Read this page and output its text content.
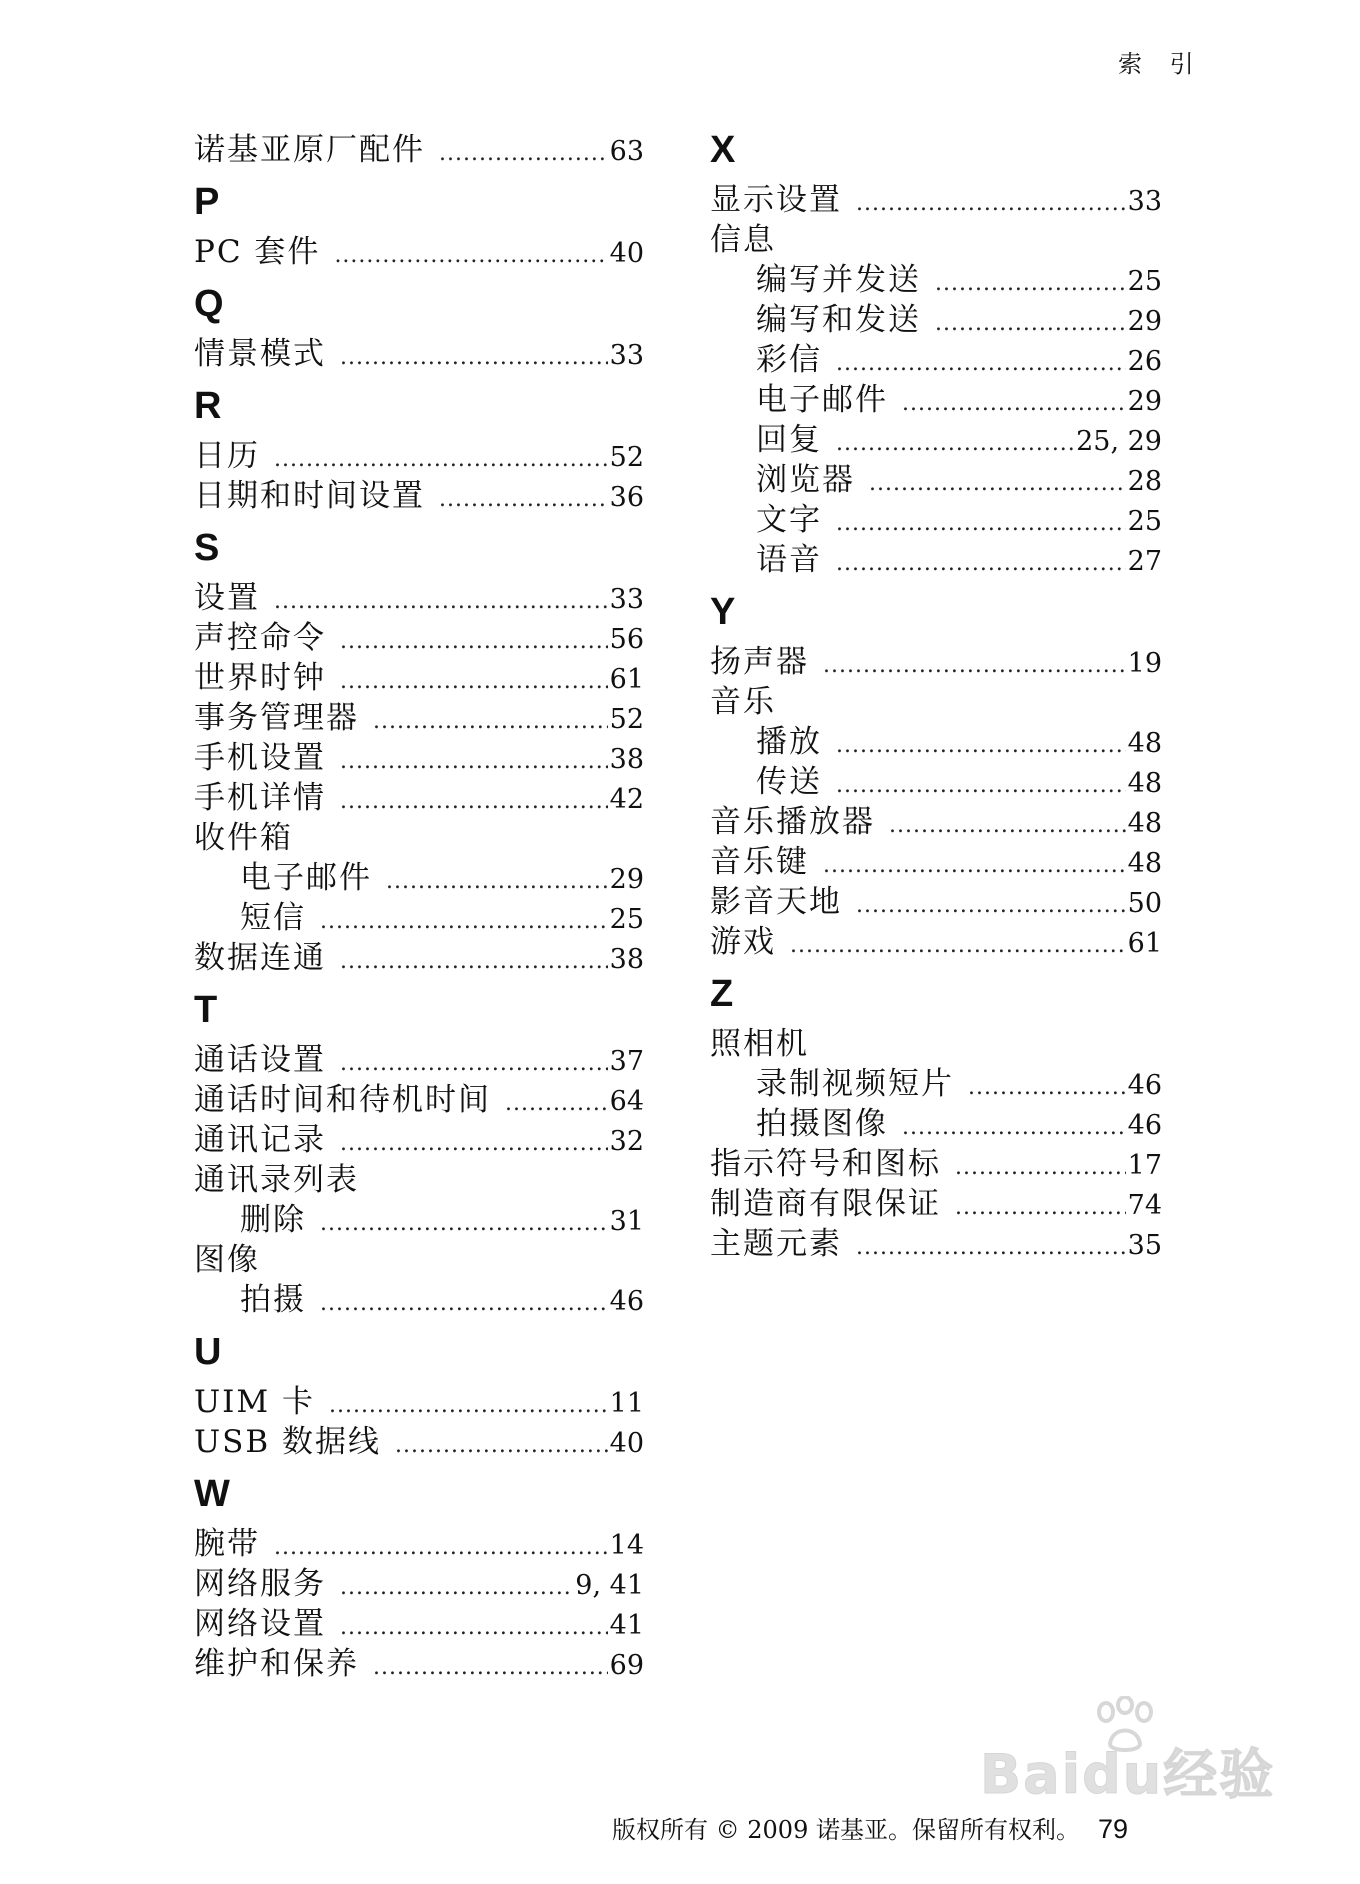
索 引
诺基亚原厂配件 .....	63
P
PC 套件 .....	40
Q
情景模式 .....	33
R
日历 .....	52
日期和时间设置 .....	36
S
设置 .....	33
声控命令 .....	56
世界时钟 .....	61
事务管理器 .....	52
手机设置 .....	38
手机详情 .....	42
收件箱
电子邮件 .....	29
短信 .....	25
数据连通 .....	38
T
通话设置 .....	37
通话时间和待机时间 .....	64
通讯记录 .....	32
通讯录列表
删除 .....	31
图像
拍摄 .....	46
U
UIM 卡 .....	11
USB 数据线 .....	40
W
腕带 .....	14
网络服务 .....	9, 41
网络设置 .....	41
维护和保养 .....	69
X
显示设置 .....	33
信息
编写并发送 .....	25
编写和发送 .....	29
彩信 .....	26
电子邮件 .....	29
回复 .....	25, 29
浏览器 .....	28
文字 .....	25
语音 .....	27
Y
扬声器 .....	19
音乐
播放 .....	48
传送 .....	48
音乐播放器 .....	48
音乐键 .....	48
影音天地 .....	50
游戏 .....	61
Z
照相机
录制视频短片 .....	46
拍摄图像 .....	46
指示符号和图标 .....	17
制造商有限保证 .....	74
主题元素 .....	35
版权所有 © 2009 诺基亚。保留所有权利。 79
Baidu经验
